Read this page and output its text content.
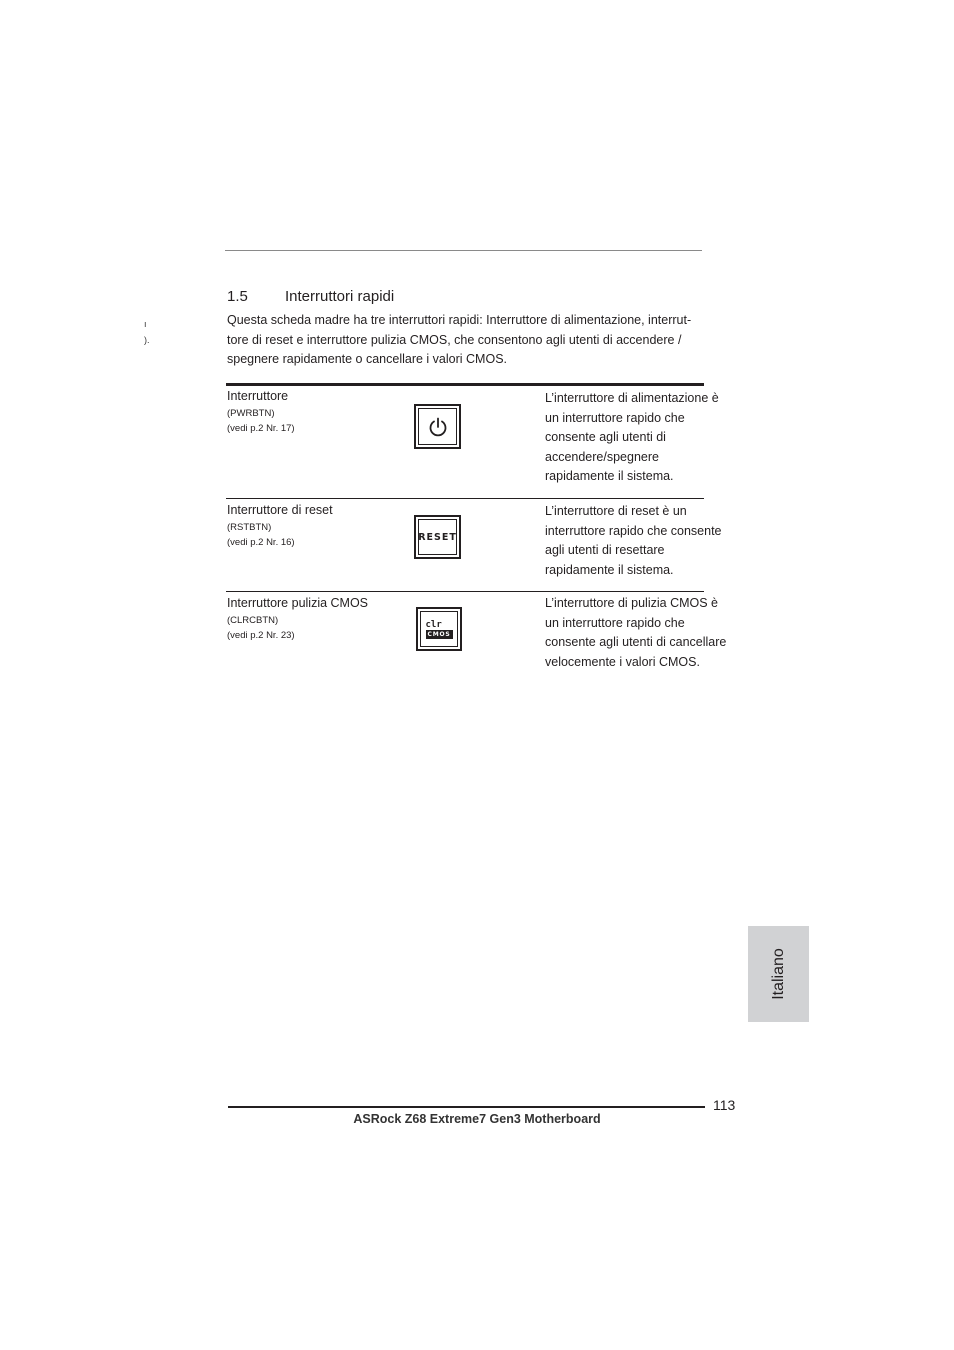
1.5 Interruttori rapidi
ı
).
Questa scheda madre ha tre interruttori rapidi: Interruttore di alimentazione, interrut-
tore di reset e interruttore pulizia CMOS, che consentono agli utenti di accendere /
spegnere rapidamente o cancellare i valori CMOS.
Interruttore
(PWRBTN)
(vedi p.2 Nr. 17)
L’interruttore di alimentazione è
un interruttore rapido che
consente agli utenti di
accendere/spegnere
rapidamente il sistema.
Interruttore di reset
(RSTBTN)
(vedi p.2 Nr. 16)	RESET
L’interruttore di reset è un
interruttore rapido che consente
agli utenti di resettare
rapidamente il sistema.
Interruttore pulizia CMOS
(CLRCBTN)
(vedi p.2 Nr. 23)
clr
CMOS
L’interruttore di pulizia CMOS è
un interruttore rapido che
consente agli utenti di cancellare
velocemente i valori CMOS.
Italiano
113
ASRock Z68 Extreme7 Gen3 Motherboard
